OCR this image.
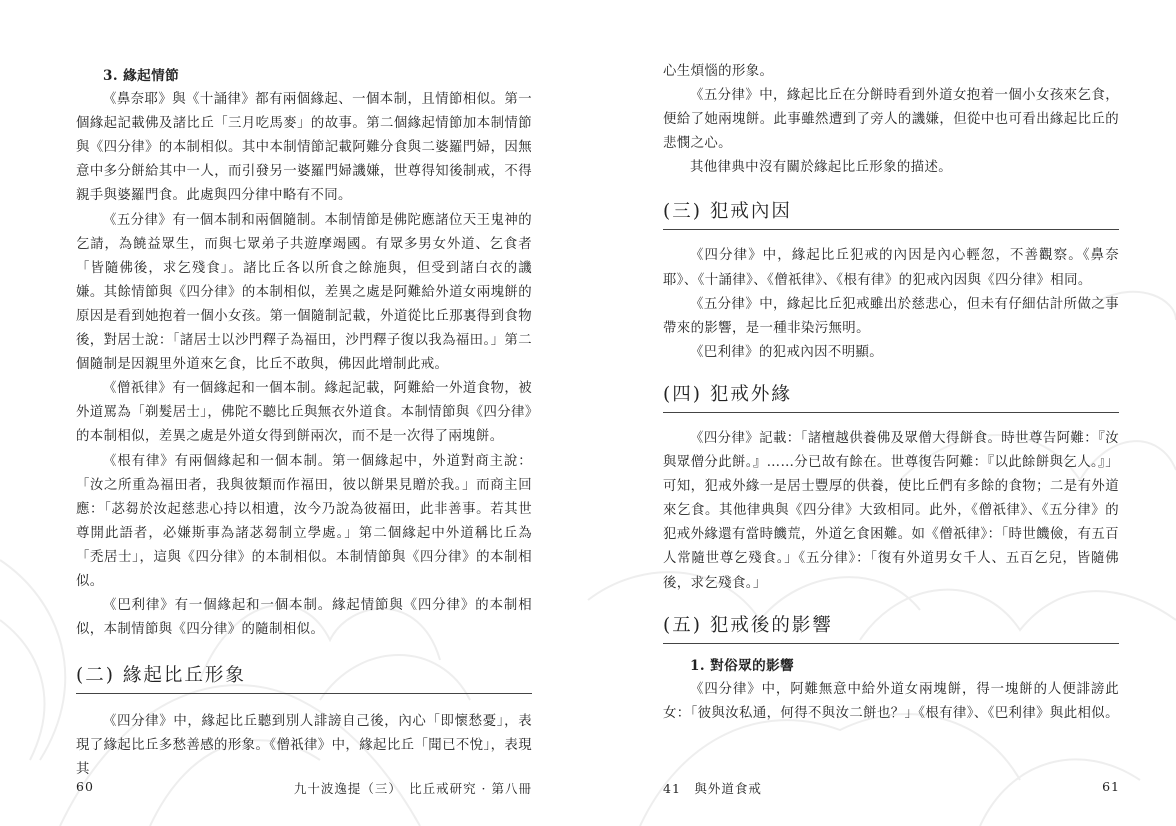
3. 緣起情節

《鼻奈耶》與《十誦律》都有兩個緣起、一個本制，且情節相似。第一個緣起記載佛及諸比丘「三月吃馬麥」的故事。第二個緣起情節加本制情節與《四分律》的本制相似。其中本制情節記載阿難分食與二婆羅門婦，因無意中多分餅給其中一人，而引發另一婆羅門婦譏嫌，世尊得知後制戒，不得親手與婆羅門食。此處與四分律中略有不同。

《五分律》有一個本制和兩個隨制。本制情節是佛陀應諸位天王鬼神的乞請，為饒益眾生，而與七眾弟子共遊摩竭國。有眾多男女外道、乞食者「皆隨佛後，求乞殘食」。諸比丘各以所食之餘施與，但受到諸白衣的譏嫌。其餘情節與《四分律》的本制相似，差異之處是阿難給外道女兩塊餅的原因是看到她抱着一個小女孩。第一個隨制記載，外道從比丘那裏得到食物後，對居士說：「諸居士以沙門釋子為福田，沙門釋子復以我為福田。」第二個隨制是因親里外道來乞食，比丘不敢與，佛因此增制此戒。

《僧祇律》有一個緣起和一個本制。緣起記載，阿難給一外道食物，被外道罵為「剃髮居士」，佛陀不聽比丘與無衣外道食。本制情節與《四分律》的本制相似，差異之處是外道女得到餅兩次，而不是一次得了兩塊餅。

《根有律》有兩個緣起和一個本制。第一個緣起中，外道對商主說：「汝之所重為福田者，我與彼類而作福田，彼以餅果見贈於我。」而商主回應：「苾芻於汝起慈悲心持以相遺，汝今乃說為彼福田，此非善事。若其世尊開此語者，必嫌斯事為諸苾芻制立學處。」第二個緣起中外道稱比丘為「禿居士」，這與《四分律》的本制相似。本制情節與《四分律》的本制相似。

《巴利律》有一個緣起和一個本制。緣起情節與《四分律》的本制相似，本制情節與《四分律》的隨制相似。

(二) 緣起比丘形象

《四分律》中，緣起比丘聽到別人誹謗自己後，內心「即懷愁憂」，表現了緣起比丘多愁善感的形象。《僧祇律》中，緣起比丘「聞已不悅」，表現其

60	九十波逸提（三）　比丘戒研究 · 第八冊

心生煩惱的形象。

《五分律》中，緣起比丘在分餅時看到外道女抱着一個小女孩來乞食，便給了她兩塊餅。此事雖然遭到了旁人的譏嫌，但從中也可看出緣起比丘的悲憫之心。

其他律典中沒有關於緣起比丘形象的描述。

(三) 犯戒內因

《四分律》中，緣起比丘犯戒的內因是內心輕忽，不善觀察。《鼻奈耶》、《十誦律》、《僧祇律》、《根有律》的犯戒內因與《四分律》相同。

《五分律》中，緣起比丘犯戒雖出於慈悲心，但未有仔細估計所做之事帶來的影響，是一種非染污無明。

《巴利律》的犯戒內因不明顯。

(四) 犯戒外緣

《四分律》記載：「諸檀越供養佛及眾僧大得餅食。時世尊告阿難：『汝與眾僧分此餅。』……分已故有餘在。世尊復告阿難：『以此餘餅與乞人。』」可知，犯戒外緣一是居士豐厚的供養，使比丘們有多餘的食物；二是有外道來乞食。其他律典與《四分律》大致相同。此外，《僧祇律》、《五分律》的犯戒外緣還有當時饑荒，外道乞食困難。如《僧祇律》：「時世饑儉，有五百人常隨世尊乞殘食。」《五分律》：「復有外道男女千人、五百乞兒，皆隨佛後，求乞殘食。」

(五) 犯戒後的影響

1. 對俗眾的影響

《四分律》中，阿難無意中給外道女兩塊餅，得一塊餅的人便誹謗此女：「彼與汝私通，何得不與汝二餅也？」《根有律》、《巴利律》與此相似。

41　與外道食戒	61
